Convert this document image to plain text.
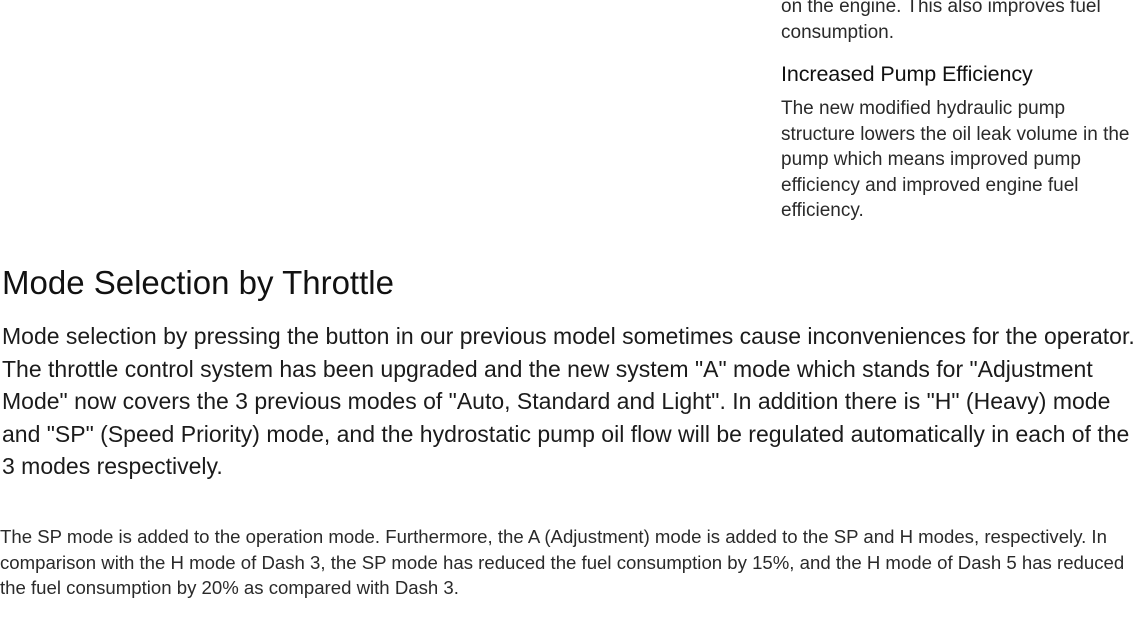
on the engine. This also improves fuel consumption.

Increased Pump Efficiency

The new modified hydraulic pump structure lowers the oil leak volume in the pump which means improved pump efficiency and improved engine fuel efficiency.

Mode Selection by Throttle

Mode selection by pressing the button in our previous model sometimes cause inconveniences for the operator. The throttle control system has been upgraded and the new system "A" mode which stands for "Adjustment Mode" now covers the 3 previous modes of "Auto, Standard and Light". In addition there is "H" (Heavy) mode and "SP" (Speed Priority) mode, and the hydrostatic pump oil flow will be regulated automatically in each of the 3 modes respectively.

The SP mode is added to the operation mode. Furthermore, the A (Adjustment) mode is added to the SP and H modes, respectively. In comparison with the H mode of Dash 3, the SP mode has reduced the fuel consumption by 15%, and the H mode of Dash 5 has reduced the fuel consumption by 20% as compared with Dash 3.
